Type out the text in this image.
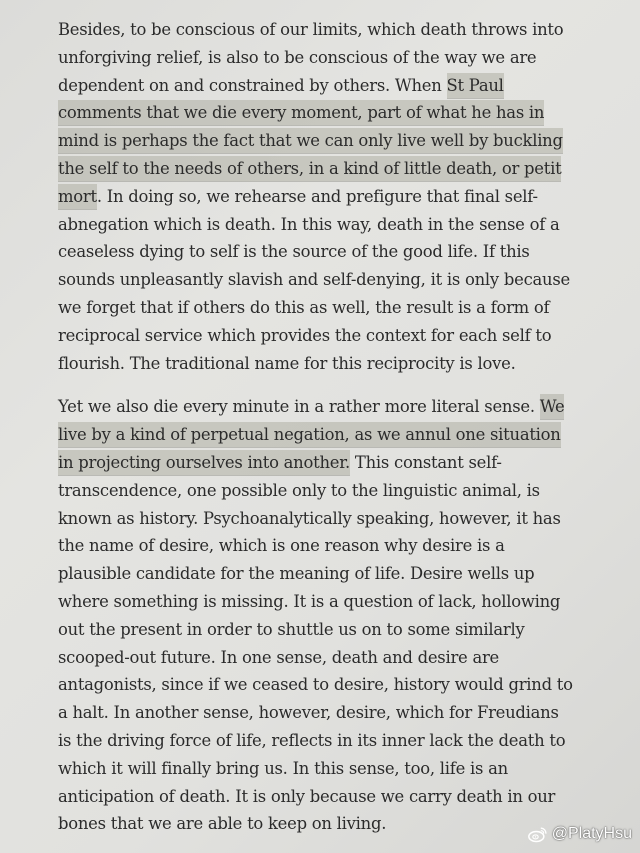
Besides, to be conscious of our limits, which death throws into
unforgiving relief, is also to be conscious of the way we are
dependent on and constrained by others. When St Paul
comments that we die every moment, part of what he has in
mind is perhaps the fact that we can only live well by buckling
the self to the needs of others, in a kind of little death, or petit
mort. In doing so, we rehearse and prefigure that final self-
abnegation which is death. In this way, death in the sense of a
ceaseless dying to self is the source of the good life. If this
sounds unpleasantly slavish and self-denying, it is only because
we forget that if others do this as well, the result is a form of
reciprocal service which provides the context for each self to
flourish. The traditional name for this reciprocity is love.
Yet we also die every minute in a rather more literal sense. We
live by a kind of perpetual negation, as we annul one situation
in projecting ourselves into another. This constant self-
transcendence, one possible only to the linguistic animal, is
known as history. Psychoanalytically speaking, however, it has
the name of desire, which is one reason why desire is a
plausible candidate for the meaning of life. Desire wells up
where something is missing. It is a question of lack, hollowing
out the present in order to shuttle us on to some similarly
scooped-out future. In one sense, death and desire are
antagonists, since if we ceased to desire, history would grind to
a halt. In another sense, however, desire, which for Freudians
is the driving force of life, reflects in its inner lack the death to
which it will finally bring us. In this sense, too, life is an
anticipation of death. It is only because we carry death in our
bones that we are able to keep on living.
@PlatyHsu
